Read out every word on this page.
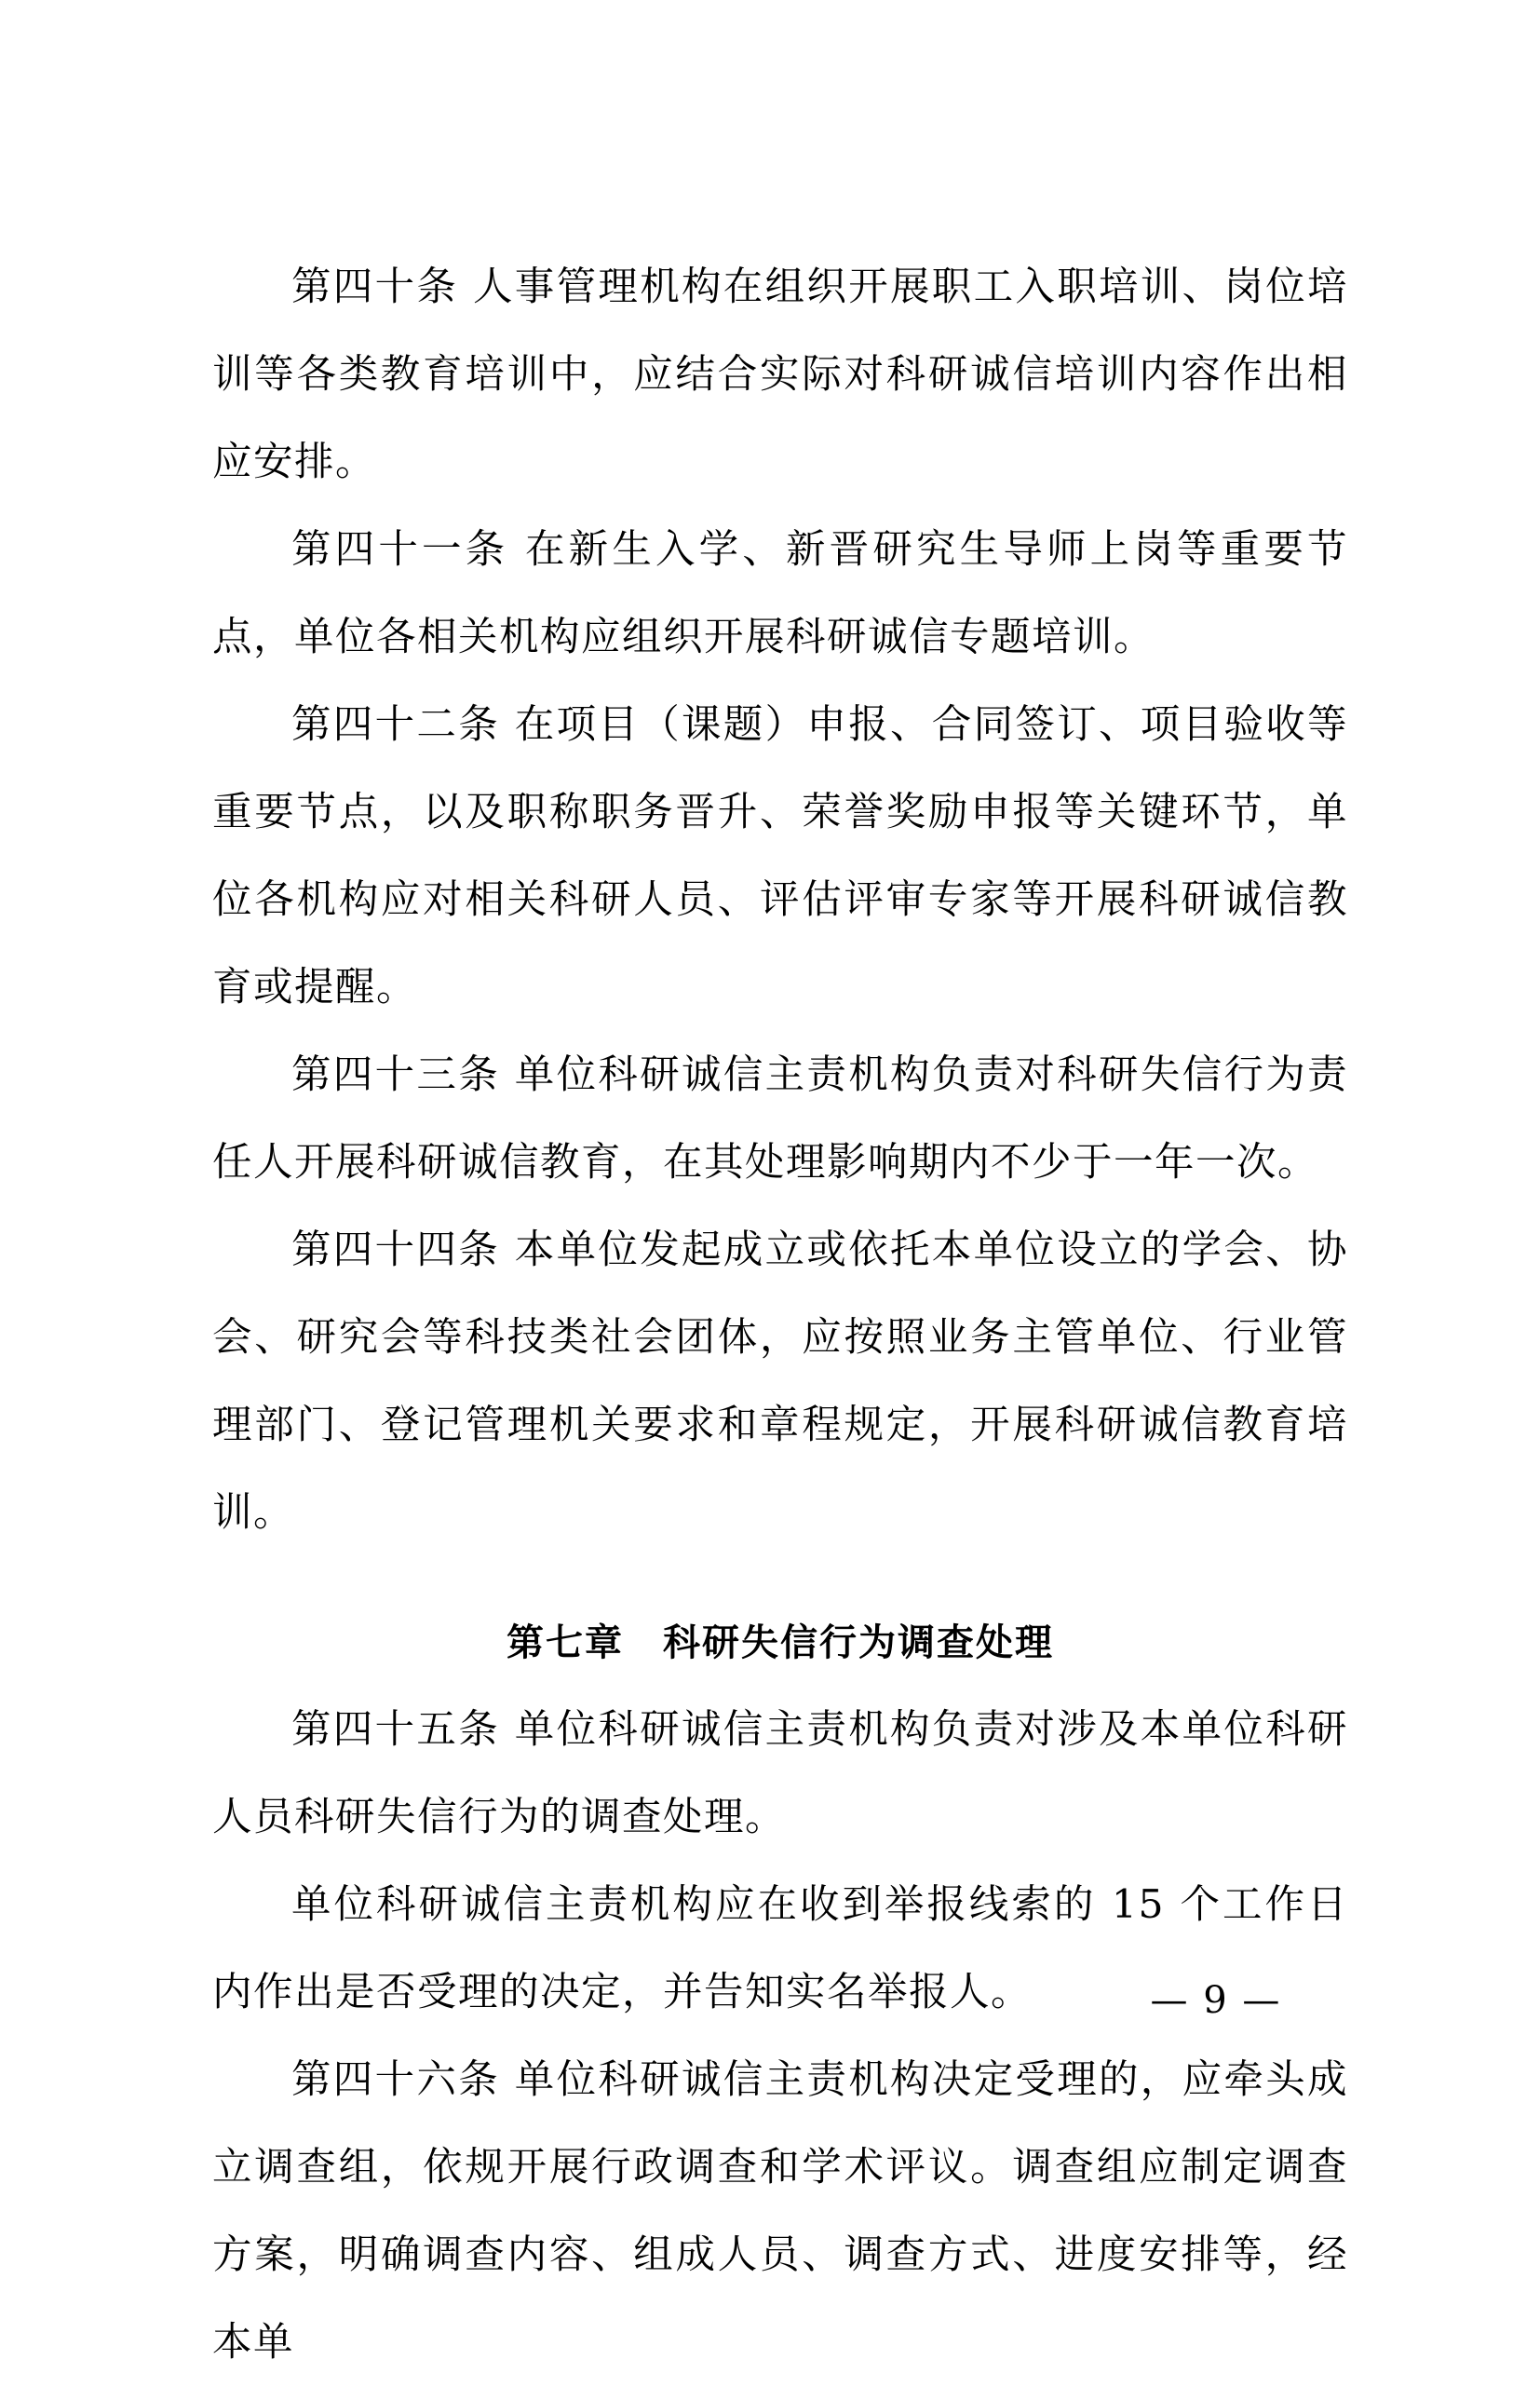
第四十条 人事管理机构在组织开展职工入职培训、岗位培训等各类教育培训中，应结合实际对科研诚信培训内容作出相应安排。

第四十一条 在新生入学、新晋研究生导师上岗等重要节点，单位各相关机构应组织开展科研诚信专题培训。

第四十二条 在项目（课题）申报、合同签订、项目验收等重要节点，以及职称职务晋升、荣誉奖励申报等关键环节，单位各机构应对相关科研人员、评估评审专家等开展科研诚信教育或提醒。

第四十三条 单位科研诚信主责机构负责对科研失信行为责任人开展科研诚信教育，在其处理影响期内不少于一年一次。

第四十四条 本单位发起成立或依托本单位设立的学会、协会、研究会等科技类社会团体，应按照业务主管单位、行业管理部门、登记管理机关要求和章程规定，开展科研诚信教育培训。

第七章　科研失信行为调查处理

第四十五条 单位科研诚信主责机构负责对涉及本单位科研人员科研失信行为的调查处理。

单位科研诚信主责机构应在收到举报线索的 15 个工作日内作出是否受理的决定，并告知实名举报人。

第四十六条 单位科研诚信主责机构决定受理的，应牵头成立调查组，依规开展行政调查和学术评议。调查组应制定调查方案，明确调查内容、组成人员、调查方式、进度安排等，经本单

— 9 —
